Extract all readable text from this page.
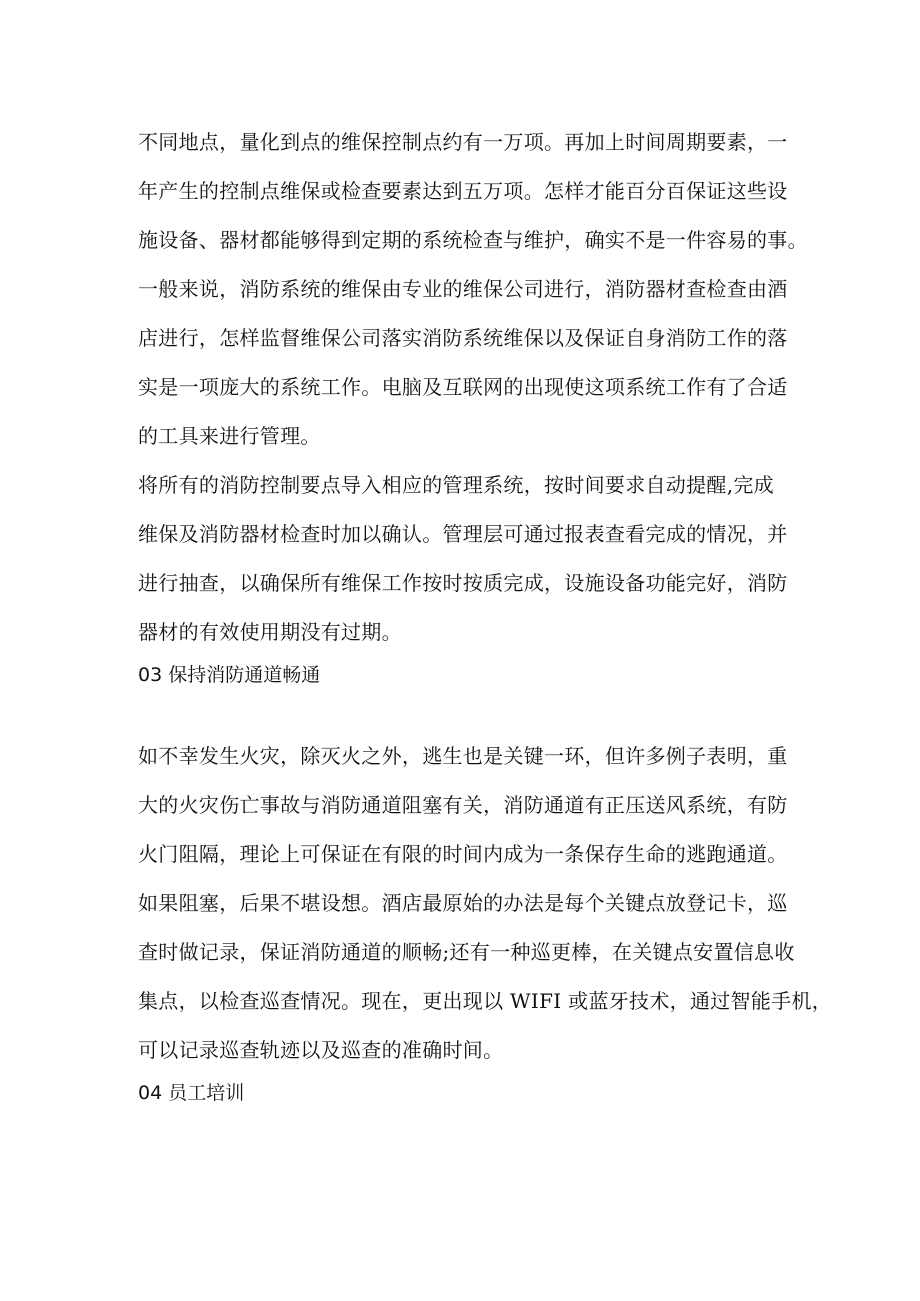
不同地点，量化到点的维保控制点约有一万项。再加上时间周期要素，一
年产生的控制点维保或检查要素达到五万项。怎样才能百分百保证这些设
施设备、器材都能够得到定期的系统检查与维护，确实不是一件容易的事。
一般来说，消防系统的维保由专业的维保公司进行，消防器材查检查由酒
店进行，怎样监督维保公司落实消防系统维保以及保证自身消防工作的落
实是一项庞大的系统工作。电脑及互联网的出现使这项系统工作有了合适
的工具来进行管理。
将所有的消防控制要点导入相应的管理系统，按时间要求自动提醒,完成
维保及消防器材检查时加以确认。管理层可通过报表查看完成的情况，并
进行抽查，以确保所有维保工作按时按质完成，设施设备功能完好，消防
器材的有效使用期没有过期。
03 保持消防通道畅通
如不幸发生火灾，除灭火之外，逃生也是关键一环，但许多例子表明，重
大的火灾伤亡事故与消防通道阻塞有关，消防通道有正压送风系统，有防
火门阻隔，理论上可保证在有限的时间内成为一条保存生命的逃跑通道。
如果阻塞，后果不堪设想。酒店最原始的办法是每个关键点放登记卡，巡
查时做记录，保证消防通道的顺畅;还有一种巡更棒，在关键点安置信息收
集点，以检查巡查情况。现在，更出现以 WIFI 或蓝牙技术，通过智能手机，
可以记录巡查轨迹以及巡查的准确时间。
04 员工培训
